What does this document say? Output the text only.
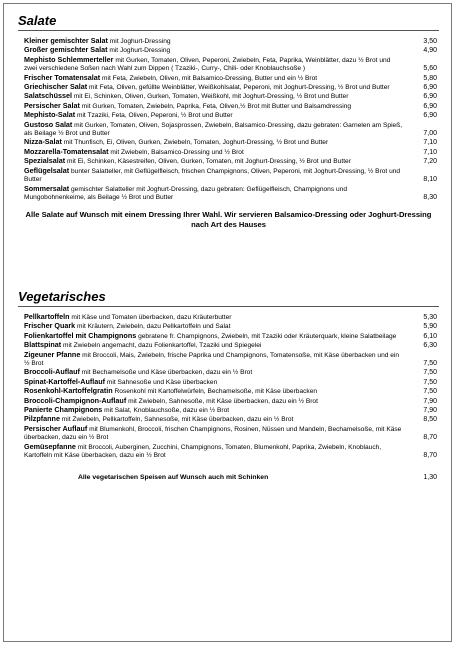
Salate
Kleiner gemischter Salat mit Joghurt-Dressing	3,50
Großer gemischter Salat mit Joghurt-Dressing	4,90
Mephisto Schlemmerteller mit Gurken, Tomaten, Oliven, Peperoni, Zwiebeln, Feta, Paprika, Weinblätter, dazu ½ Brot und zwei verschiedene Soßen nach Wahl zum Dippen ( Tzaziki-, Curry-, Chili- oder Knoblauchsoße )	5,60
Frischer Tomatensalat mit Feta, Zwiebeln, Oliven, mit Balsamico-Dressing, Butter und ein ½ Brot	5,80
Griechischer Salat mit Feta, Oliven, gefüllte Weinblätter, Weißkohlsalat, Peperoni, mit Joghurt-Dressing, ½ Brot und Butter	6,90
Salatschüssel mit Ei, Schinken, Oliven, Gurken, Tomaten, Weißkohl, mit Joghurt-Dressing, ½ Brot und Butter	6,90
Persischer Salat mit Gurken, Tomaten, Zwiebeln, Paprika, Feta, Oliven,½ Brot mit Butter und Balsamdressing	6,90
Mephisto-Salat mit Tzaziki, Feta, Oliven, Peperoni, ½ Brot und Butter	6,90
Gustoso Salat mit Gurken, Tomaten, Oliven, Sojasprossen, Zwiebeln, Balsamico-Dressing, dazu gebraten: Garnelen am Spieß, als Beilage ½ Brot und Butter	7,00
Nizza-Salat mit Thunfisch, Ei, Oliven, Gurken, Zwiebeln, Tomaten, Joghurt-Dressing, ½ Brot und Butter	7,10
Mozzarella-Tomatensalat mit Zwiebeln, Balsamico-Dressing und ½ Brot	7,10
Spezialsalat mit Ei, Schinken, Käsestreifen, Oliven, Gurken, Tomaten, mit Joghurt-Dressing, ½ Brot und Butter	7,20
Geflügelsalat bunter Salatteller, mit Geflügelfleisch, frischen Champignons, Oliven, Peperoni, mit Joghurt-Dressing, ½ Brot und Butter	8,10
Sommersalat gemischter Salatteller mit Joghurt-Dressing, dazu gebraten: Geflügelfleisch, Champignons und Mungobohnenkeime, als Beilage ½ Brot und Butter	8,30
Alle Salate auf Wunsch mit einem Dressing Ihrer Wahl. Wir servieren Balsamico-Dressing oder Joghurt-Dressing nach Art des Hauses
Vegetarisches
Pellkartoffeln mit Käse und Tomaten überbacken, dazu Kräuterbutter	5,30
Frischer Quark mit Kräutern, Zwiebeln, dazu Pellkartoffeln und Salat	5,90
Folienkartoffel mit Champignons gebratene fr. Champignons, Zwiebeln, mit Tzaziki oder Kräuterquark, kleine Salatbeilage	6,10
Blattspinat mit Zwiebeln angemacht, dazu Folienkartoffel, Tzaziki und Spiegelei	6,30
Zigeuner Pfanne mit Broccoli, Mais, Zwiebeln, frische Paprika und Champignons, Tomatensoße, mit Käse überbacken und ein ½ Brot	7,50
Broccoli-Auflauf mit Bechamelsoße und Käse überbacken, dazu ein ½ Brot	7,50
Spinat-Kartoffel-Auflauf mit Sahnesoße und Käse überbacken	7,50
Rosenkohl-Kartoffelgratin Rosenkohl mit Kartoffelwürfeln, Bechamelsoße, mit Käse überbacken	7,50
Broccoli-Champignon-Auflauf mit Zwiebeln, Sahnesoße, mit Käse überbacken, dazu ein ½ Brot	7,90
Panierte Champignons mit Salat, Knoblauchsoße, dazu ein ½ Brot	7,90
Pilzpfanne mit Zwiebeln, Pellkartoffeln, Sahnesoße, mit Käse überbacken, dazu ein ½ Brot	8,50
Persischer Auflauf mit Blumenkohl, Broccoli, frischen Champignons, Rosinen, Nüssen und Mandeln, Bechamelsoße, mit Käse überbacken, dazu ein ½ Brot	8,70
Gemüsepfanne mit Broccoli, Auberginen, Zucchini, Champignons, Tomaten, Blumenkohl, Paprika, Zwiebeln, Knoblauch, Kartoffeln mit Käse überbacken, dazu ein ½ Brot	8,70
Alle vegetarischen Speisen auf Wunsch auch mit Schinken	1,30
